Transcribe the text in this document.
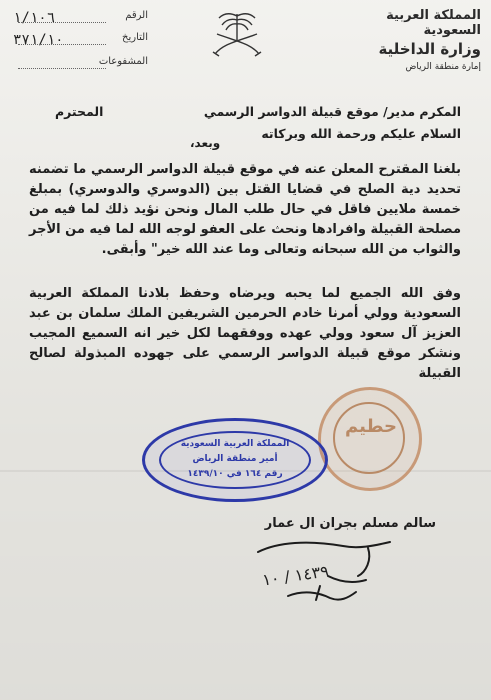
الرقم
١/١٠٦
التاريخ
٣٧١/١٠
المشفوعات
المملكة العربية السعودية
وزارة الداخلية
إمارة منطقة الرياض
المكرم مدير/ موقع قبيلة الدواسر الرسمي
المحترم
السلام عليكم ورحمة الله وبركاته
وبعد،
بلغنا المقترح المعلن عنه في موقع قبيلة الدواسر الرسمي ما تضمنه تحديد دية الصلح في قضايا القتل بين (الدوسري والدوسري) بمبلغ خمسة ملايين فاقل في حال طلب المال ونحن نؤيد ذلك لما فيه من مصلحة القبيلة وافرادها ونحث على العفو لوجه الله لما فيه من الأجر والثواب من الله سبحانه وتعالى وما عند الله خير" وأبقى.
وفق الله الجميع لما يحبه ويرضاه وحفظ بلادنا المملكة العربية السعودية وولي أمرنا خادم الحرمين الشريفين الملك سلمان بن عبد العزيز آل سعود وولي عهده ووفقهما لكل خير انه السميع المجيب ونشكر موقع قبيلة الدواسر الرسمي على جهوده المبذولة لصالح القبيلة
حطيم
المملكة العربية السعودية
أمير منطقة الرياض
رقم ١٦٤ في ١٤٣٩/١٠
سالم مسلم بجران ال عمار
١٤٣٩ / ١٠
